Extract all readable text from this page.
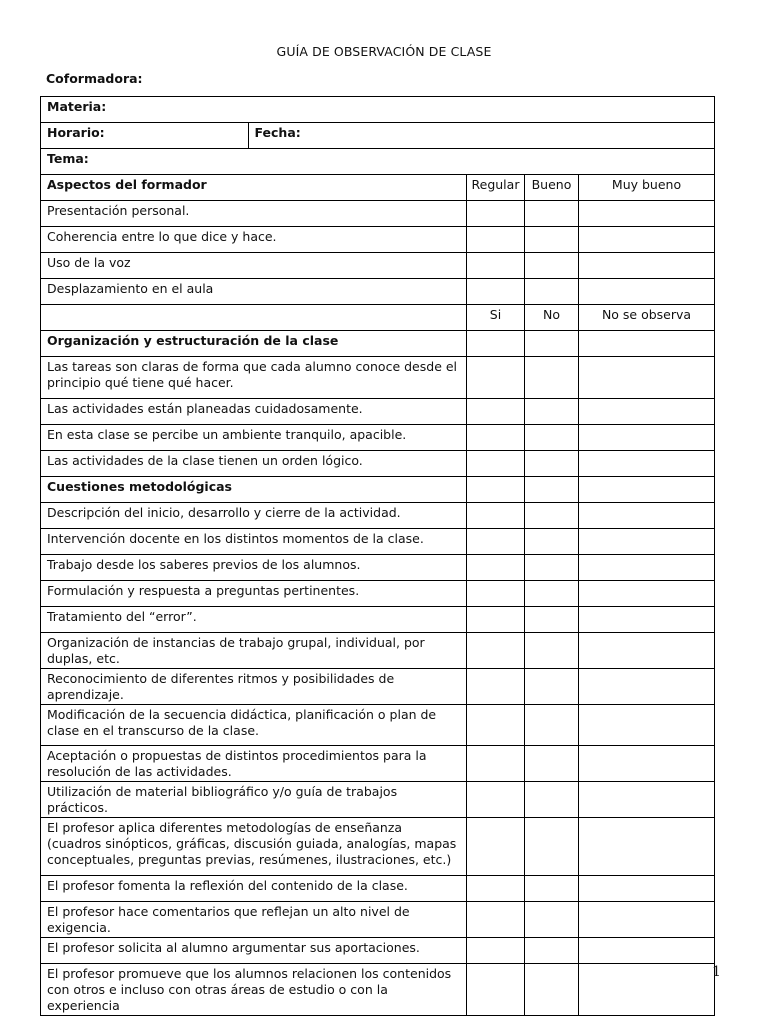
GUÍA DE OBSERVACIÓN DE CLASE
Coformadora:
Materia:

Horario:	Fecha:

Tema:
Aspectos del formador	Regular	Bueno	Muy bueno
Presentación personal.			
Coherencia entre lo que dice y hace.			
Uso de la voz			
Desplazamiento en el aula			
	Si	No	No se observa
Organización y estructuración de la clase			
Las tareas son claras de forma que cada alumno conoce desde el principio qué tiene qué hacer.			
Las actividades están planeadas cuidadosamente.			
En esta clase se percibe un ambiente tranquilo, apacible.			
Las actividades de la clase tienen un orden lógico.			
Cuestiones metodológicas			
Descripción del inicio, desarrollo y cierre de la actividad.			
Intervención docente en los distintos momentos de la clase.			
Trabajo desde los saberes previos de los alumnos.			
Formulación y respuesta a preguntas pertinentes.			
Tratamiento del “error”.			
Organización de instancias de trabajo grupal, individual, por duplas, etc.			
Reconocimiento de diferentes ritmos y posibilidades de aprendizaje.			
Modificación de la secuencia didáctica, planificación o plan de clase en el transcurso de la clase.			
Aceptación o propuestas de distintos procedimientos para la resolución de las actividades.			
Utilización de material bibliográfico y/o guía de trabajos prácticos.			
El profesor aplica diferentes metodologías de enseñanza (cuadros sinópticos, gráficas, discusión guiada, analogías, mapas conceptuales, preguntas previas, resúmenes, ilustraciones, etc.)			
El profesor fomenta la reflexión del contenido de la clase.			
El profesor hace comentarios que reflejan un alto nivel de exigencia.			
El profesor solicita al alumno argumentar sus aportaciones.			
El profesor promueve que los alumnos relacionen los contenidos con otros e incluso con otras áreas de estudio o con la experiencia			
1
